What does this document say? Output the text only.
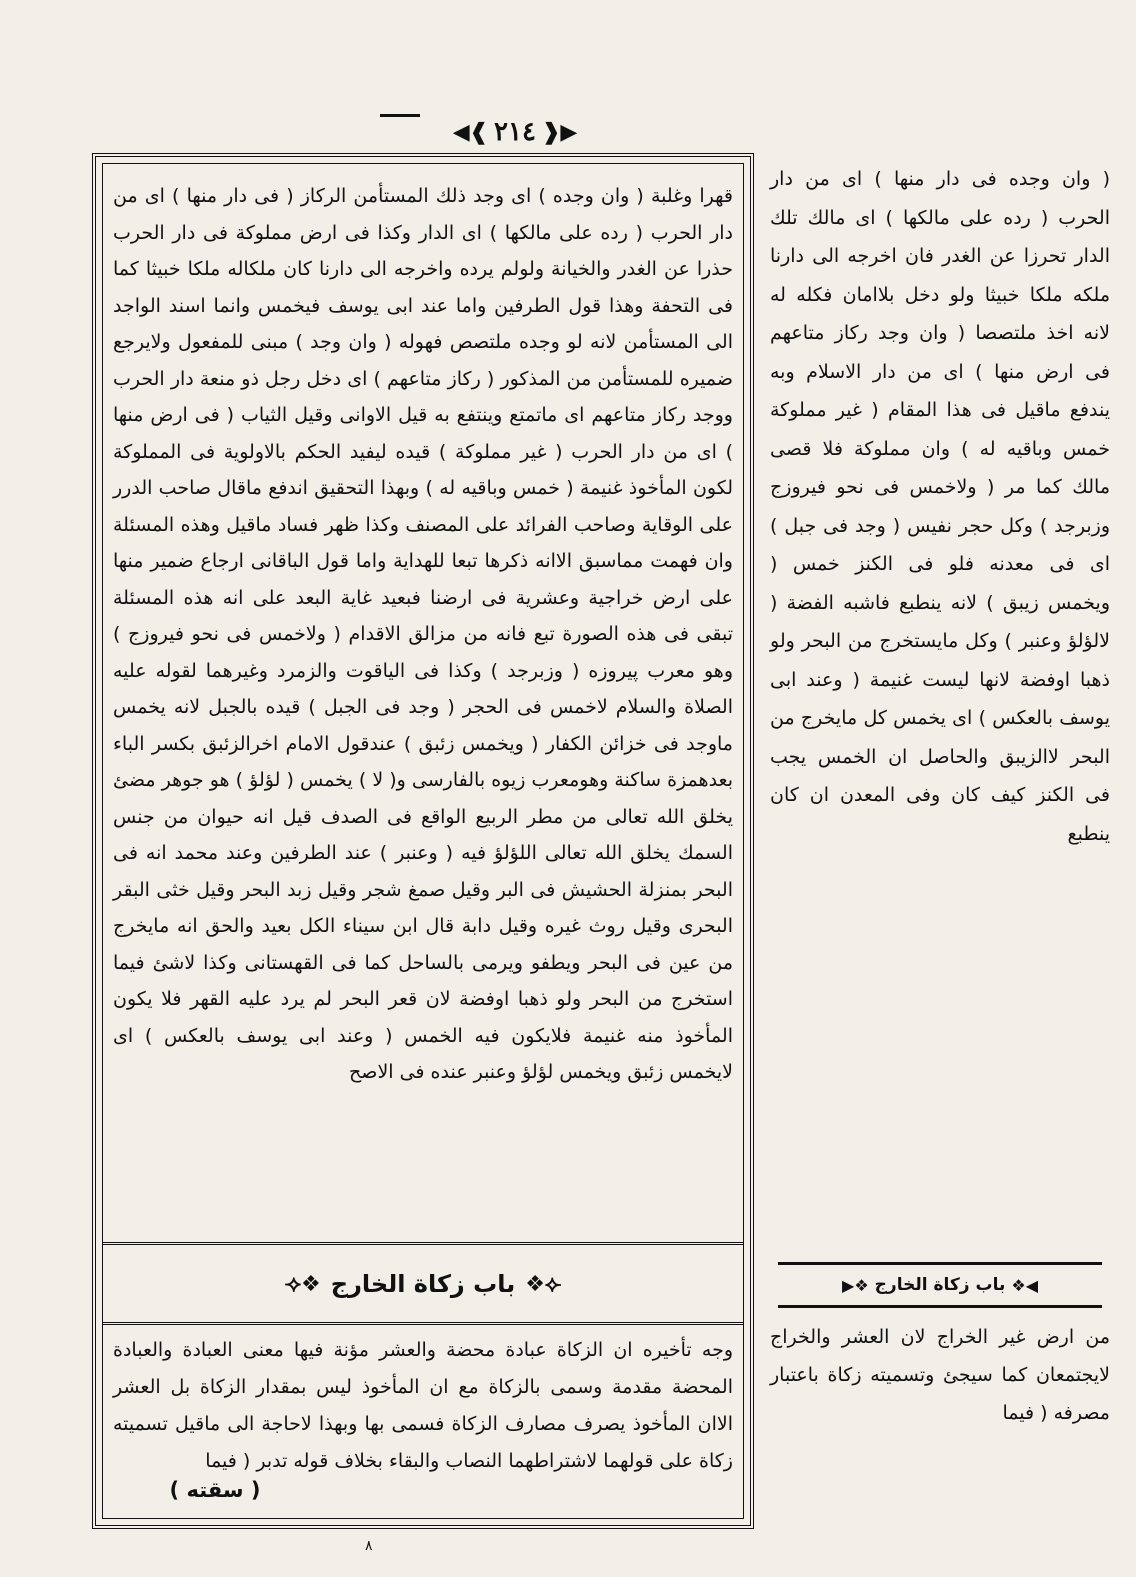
◀❰ ٢١٤ ❱▶
قهرا وغلبة ( وان وجده ) اى وجد ذلك المستأمن الركاز ( فى دار منها ) اى من دار الحرب ( رده على مالكها ) اى الدار وكذا فى ارض مملوكة فى دار الحرب حذرا عن الغدر والخيانة ولولم يرده واخرجه الى دارنا كان ملكاله ملكا خبيثا كما فى التحفة وهذا قول الطرفين واما عند ابى يوسف فيخمس وانما اسند الواجد الى المستأمن لانه لو وجده ملتصص فهوله ( وان وجد ) مبنى للمفعول ولايرجع ضميره للمستأمن من المذكور ( ركاز متاعهم ) اى دخل رجل ذو منعة دار الحرب ووجد ركاز متاعهم اى ماتمتع وينتفع به قيل الاوانى وقيل الثياب ( فى ارض منها ) اى من دار الحرب ( غير مملوكة ) قيده ليفيد الحكم بالاولوية فى المملوكة لكون المأخوذ غنيمة ( خمس وباقيه له ) وبهذا التحقيق اندفع ماقال صاحب الدرر على الوقاية وصاحب الفرائد على المصنف وكذا ظهر فساد ماقيل وهذه المسئلة وان فهمت مماسبق الاانه ذكرها تبعا للهداية واما قول الباقانى ارجاع ضمير منها على ارض خراجية وعشرية فى ارضنا فبعيد غاية البعد على انه هذه المسئلة تبقى فى هذه الصورة تبع فانه من مزالق الاقدام ( ولاخمس فى نحو فيروزج ) وهو معرب پيروزه ( وزبرجد ) وكذا فى الياقوت والزمرد وغيرهما لقوله عليه الصلاة والسلام لاخمس فى الحجر ( وجد فى الجبل ) قيده بالجبل لانه يخمس ماوجد فى خزائن الكفار ( ويخمس زئبق ) عندقول الامام اخرالزئبق بكسر الباء بعدهمزة ساكنة وهومعرب زيوه بالفارسى و( لا ) يخمس ( لؤلؤ ) هو جوهر مضئ يخلق الله تعالى من مطر الربيع الواقع فى الصدف قيل انه حيوان من جنس السمك يخلق الله تعالى اللؤلؤ فيه ( وعنبر ) عند الطرفين وعند محمد انه فى البحر بمنزلة الحشيش فى البر وقيل صمغ شجر وقيل زبد البحر وقيل خثى البقر البحرى وقيل روث غيره وقيل دابة قال ابن سيناء الكل بعيد والحق انه مايخرج من عين فى البحر ويطفو ويرمى بالساحل كما فى القهستانى وكذا لاشئ فيما استخرج من البحر ولو ذهبا اوفضة لان قعر البحر لم يرد عليه القهر فلا يكون المأخوذ منه غنيمة فلايكون فيه الخمس ( وعند ابى يوسف بالعكس ) اى لايخمس زئبق ويخمس لؤلؤ وعنبر عنده فى الاصح
⟢❖
باب زكاة الخارج
❖⟣
وجه تأخيره ان الزكاة عبادة محضة والعشر مؤنة فيها معنى العبادة والعبادة المحضة مقدمة وسمى بالزكاة مع ان المأخوذ ليس بمقدار الزكاة بل العشر الاان المأخوذ يصرف مصارف الزكاة فسمى بها وبهذا لاحاجة الى ماقيل تسميته زكاة على قولهما لاشتراطهما النصاب والبقاء بخلاف قوله تدبر ( فيما
( وان وجده فى دار منها ) اى من دار الحرب ( رده على مالكها ) اى مالك تلك الدار تحرزا عن الغدر فان اخرجه الى دارنا ملكه ملكا خبيثا ولو دخل بلاامان فكله له لانه اخذ ملتصصا ( وان وجد ركاز متاعهم فى ارض منها ) اى من دار الاسلام وبه يندفع ماقيل فى هذا المقام ( غير مملوكة خمس وباقيه له ) وان مملوكة فلا قصى مالك كما مر ( ولاخمس فى نحو فيروزج وزبرجد ) وكل حجر نفيس ( وجد فى جبل ) اى فى معدنه فلو فى الكنز خمس ( ويخمس زيبق ) لانه ينطبع فاشبه الفضة ( لالؤلؤ وعنبر ) وكل مايستخرج من البحر ولو ذهبا اوفضة لانها ليست غنيمة ( وعند ابى يوسف بالعكس ) اى يخمس كل مايخرج من البحر لاالزيبق والحاصل ان الخمس يجب فى الكنز كيف كان وفى المعدن ان كان ينطبع
◀❖
باب زكاة الخارج
❖▶
من ارض غير الخراج لان العشر والخراج لايجتمعان كما سيجئ وتسميته زكاة باعتبار مصرفه ( فيما
( سقته )
٨
